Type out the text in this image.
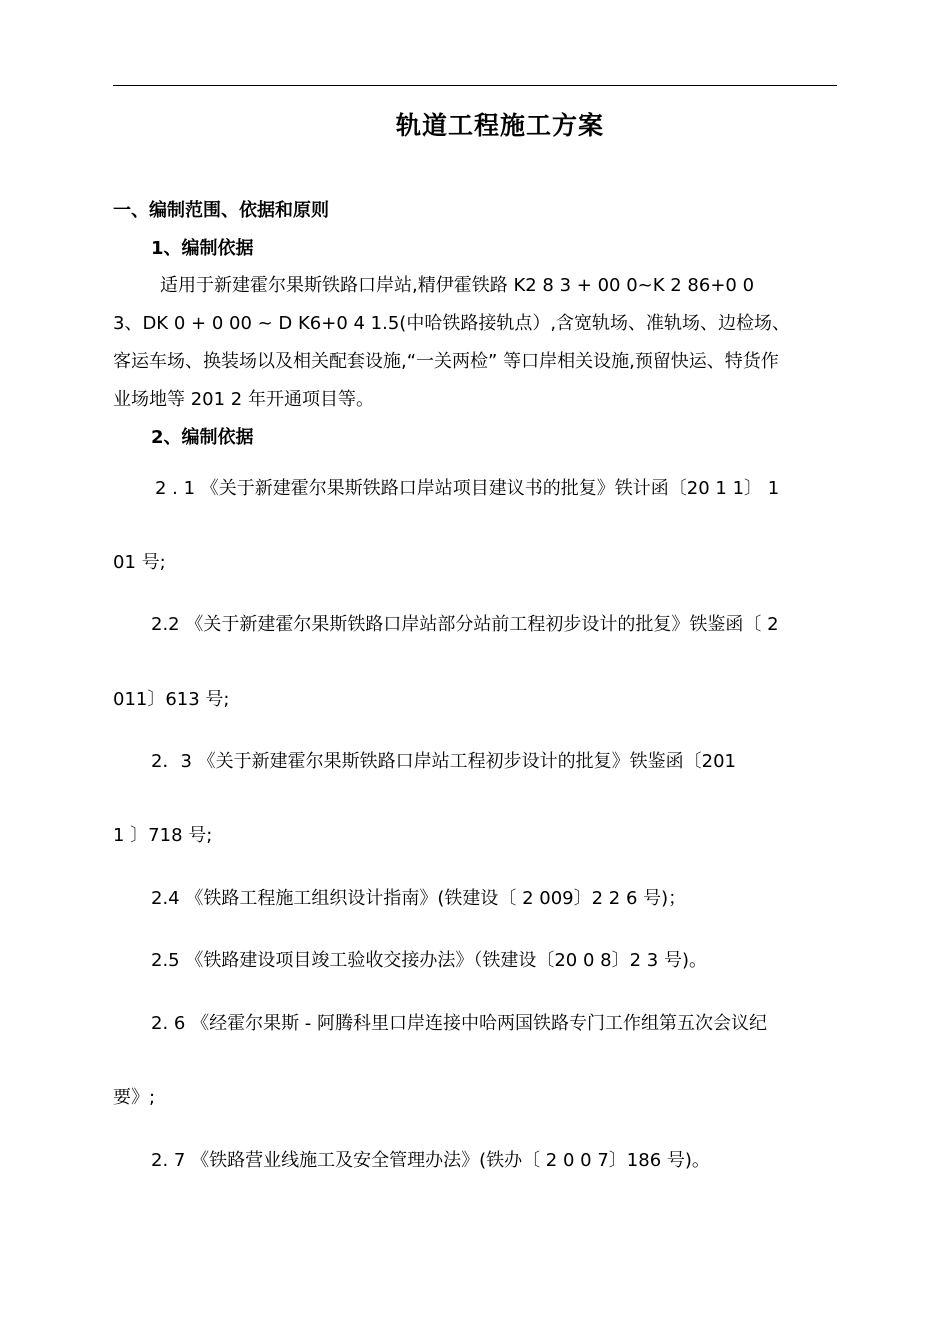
轨道工程施工方案
一、编制范围、依据和原则
1、编制依据
适用于新建霍尔果斯铁路口岸站,精伊霍铁路 K2 8 3 + 00 0~K 2 86+0 0
3、DK 0 + 0 00 ~ D K6+0 4 1.5(中哈铁路接轨点）,含宽轨场、准轨场、边检场、
客运车场、换装场以及相关配套设施,“一关两检” 等口岸相关设施,预留快运、特货作
业场地等 201 2 年开通项目等。
2、编制依据
2 . 1 《关于新建霍尔果斯铁路口岸站项目建议书的批复》铁计函〔20 1 1〕 1
01 号;
2.2 《关于新建霍尔果斯铁路口岸站部分站前工程初步设计的批复》铁鉴函〔 2
011〕613 号;
2．3 《关于新建霍尔果斯铁路口岸站工程初步设计的批复》铁鉴函〔201
1 〕718 号;
2.4 《铁路工程施工组织设计指南》(铁建设〔 2 009〕2 2 6 号)；
2.5 《铁路建设项目竣工验收交接办法》（铁建设〔20 0 8〕2 3 号)。
2. 6 《经霍尔果斯 - 阿腾科里口岸连接中哈两国铁路专门工作组第五次会议纪
要》;
2. 7 《铁路营业线施工及安全管理办法》(铁办〔 2 0 0 7〕186 号)。
